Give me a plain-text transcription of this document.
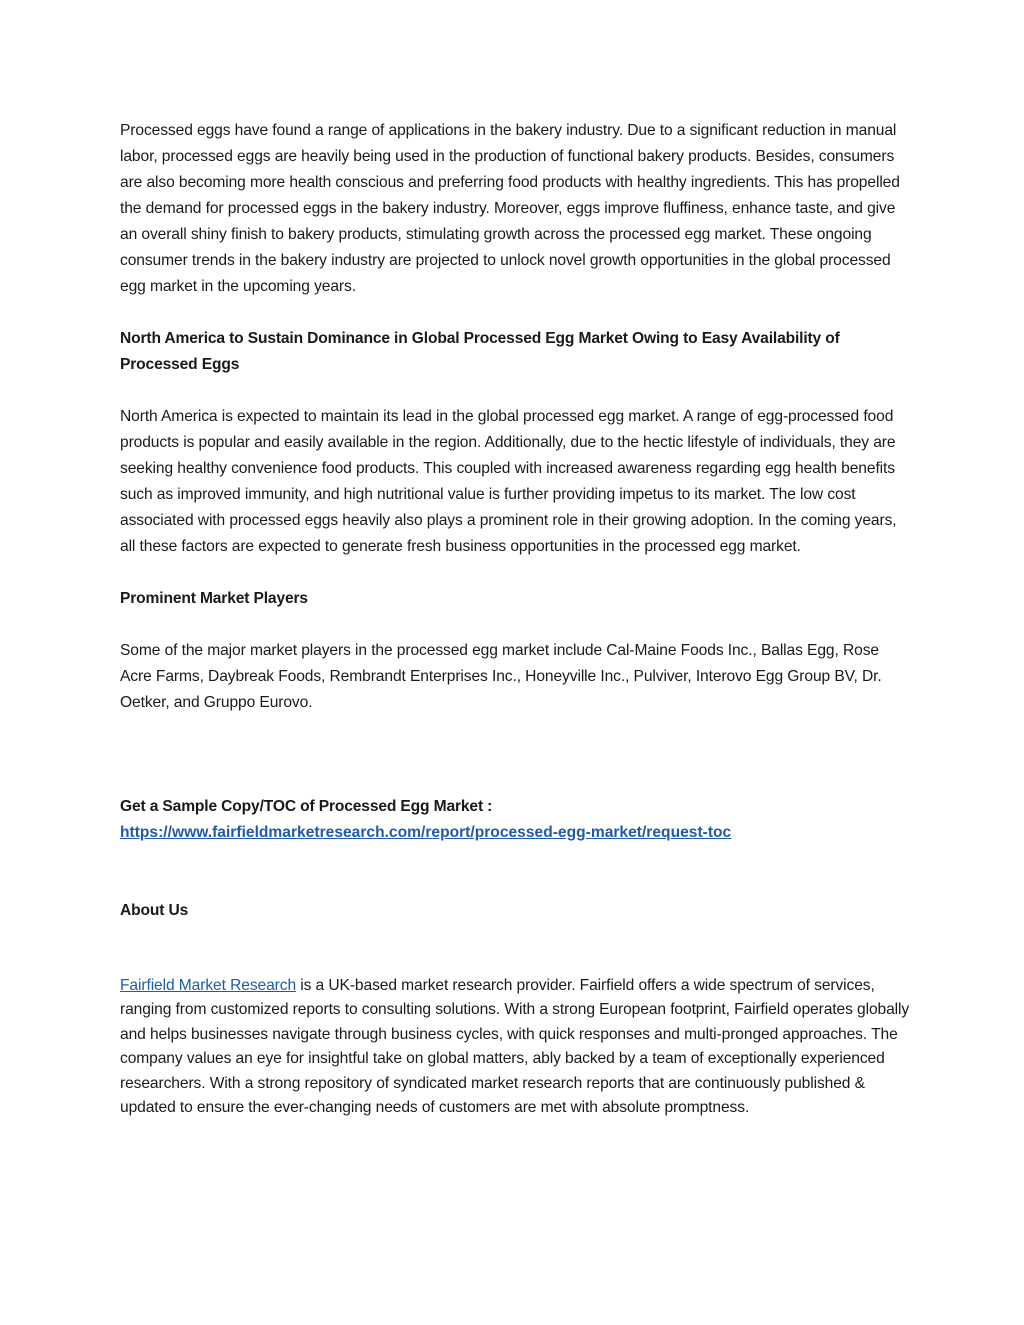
Processed eggs have found a range of applications in the bakery industry. Due to a significant reduction in manual labor, processed eggs are heavily being used in the production of functional bakery products. Besides, consumers are also becoming more health conscious and preferring food products with healthy ingredients. This has propelled the demand for processed eggs in the bakery industry. Moreover, eggs improve fluffiness, enhance taste, and give an overall shiny finish to bakery products, stimulating growth across the processed egg market. These ongoing consumer trends in the bakery industry are projected to unlock novel growth opportunities in the global processed egg market in the upcoming years.

North America to Sustain Dominance in Global Processed Egg Market Owing to Easy Availability of Processed Eggs

North America is expected to maintain its lead in the global processed egg market. A range of egg-processed food products is popular and easily available in the region. Additionally, due to the hectic lifestyle of individuals, they are seeking healthy convenience food products. This coupled with increased awareness regarding egg health benefits such as improved immunity, and high nutritional value is further providing impetus to its market. The low cost associated with processed eggs heavily also plays a prominent role in their growing adoption. In the coming years, all these factors are expected to generate fresh business opportunities in the processed egg market.

Prominent Market Players

Some of the major market players in the processed egg market include Cal-Maine Foods Inc., Ballas Egg, Rose Acre Farms, Daybreak Foods, Rembrandt Enterprises Inc., Honeyville Inc., Pulviver, Interovo Egg Group BV, Dr. Oetker, and Gruppo Eurovo.

Get a Sample Copy/TOC of Processed Egg Market :

https://www.fairfieldmarketresearch.com/report/processed-egg-market/request-toc

About Us

Fairfield Market Research is a UK-based market research provider. Fairfield offers a wide spectrum of services, ranging from customized reports to consulting solutions. With a strong European footprint, Fairfield operates globally and helps businesses navigate through business cycles, with quick responses and multi-pronged approaches. The company values an eye for insightful take on global matters, ably backed by a team of exceptionally experienced researchers. With a strong repository of syndicated market research reports that are continuously published & updated to ensure the ever-changing needs of customers are met with absolute promptness.
